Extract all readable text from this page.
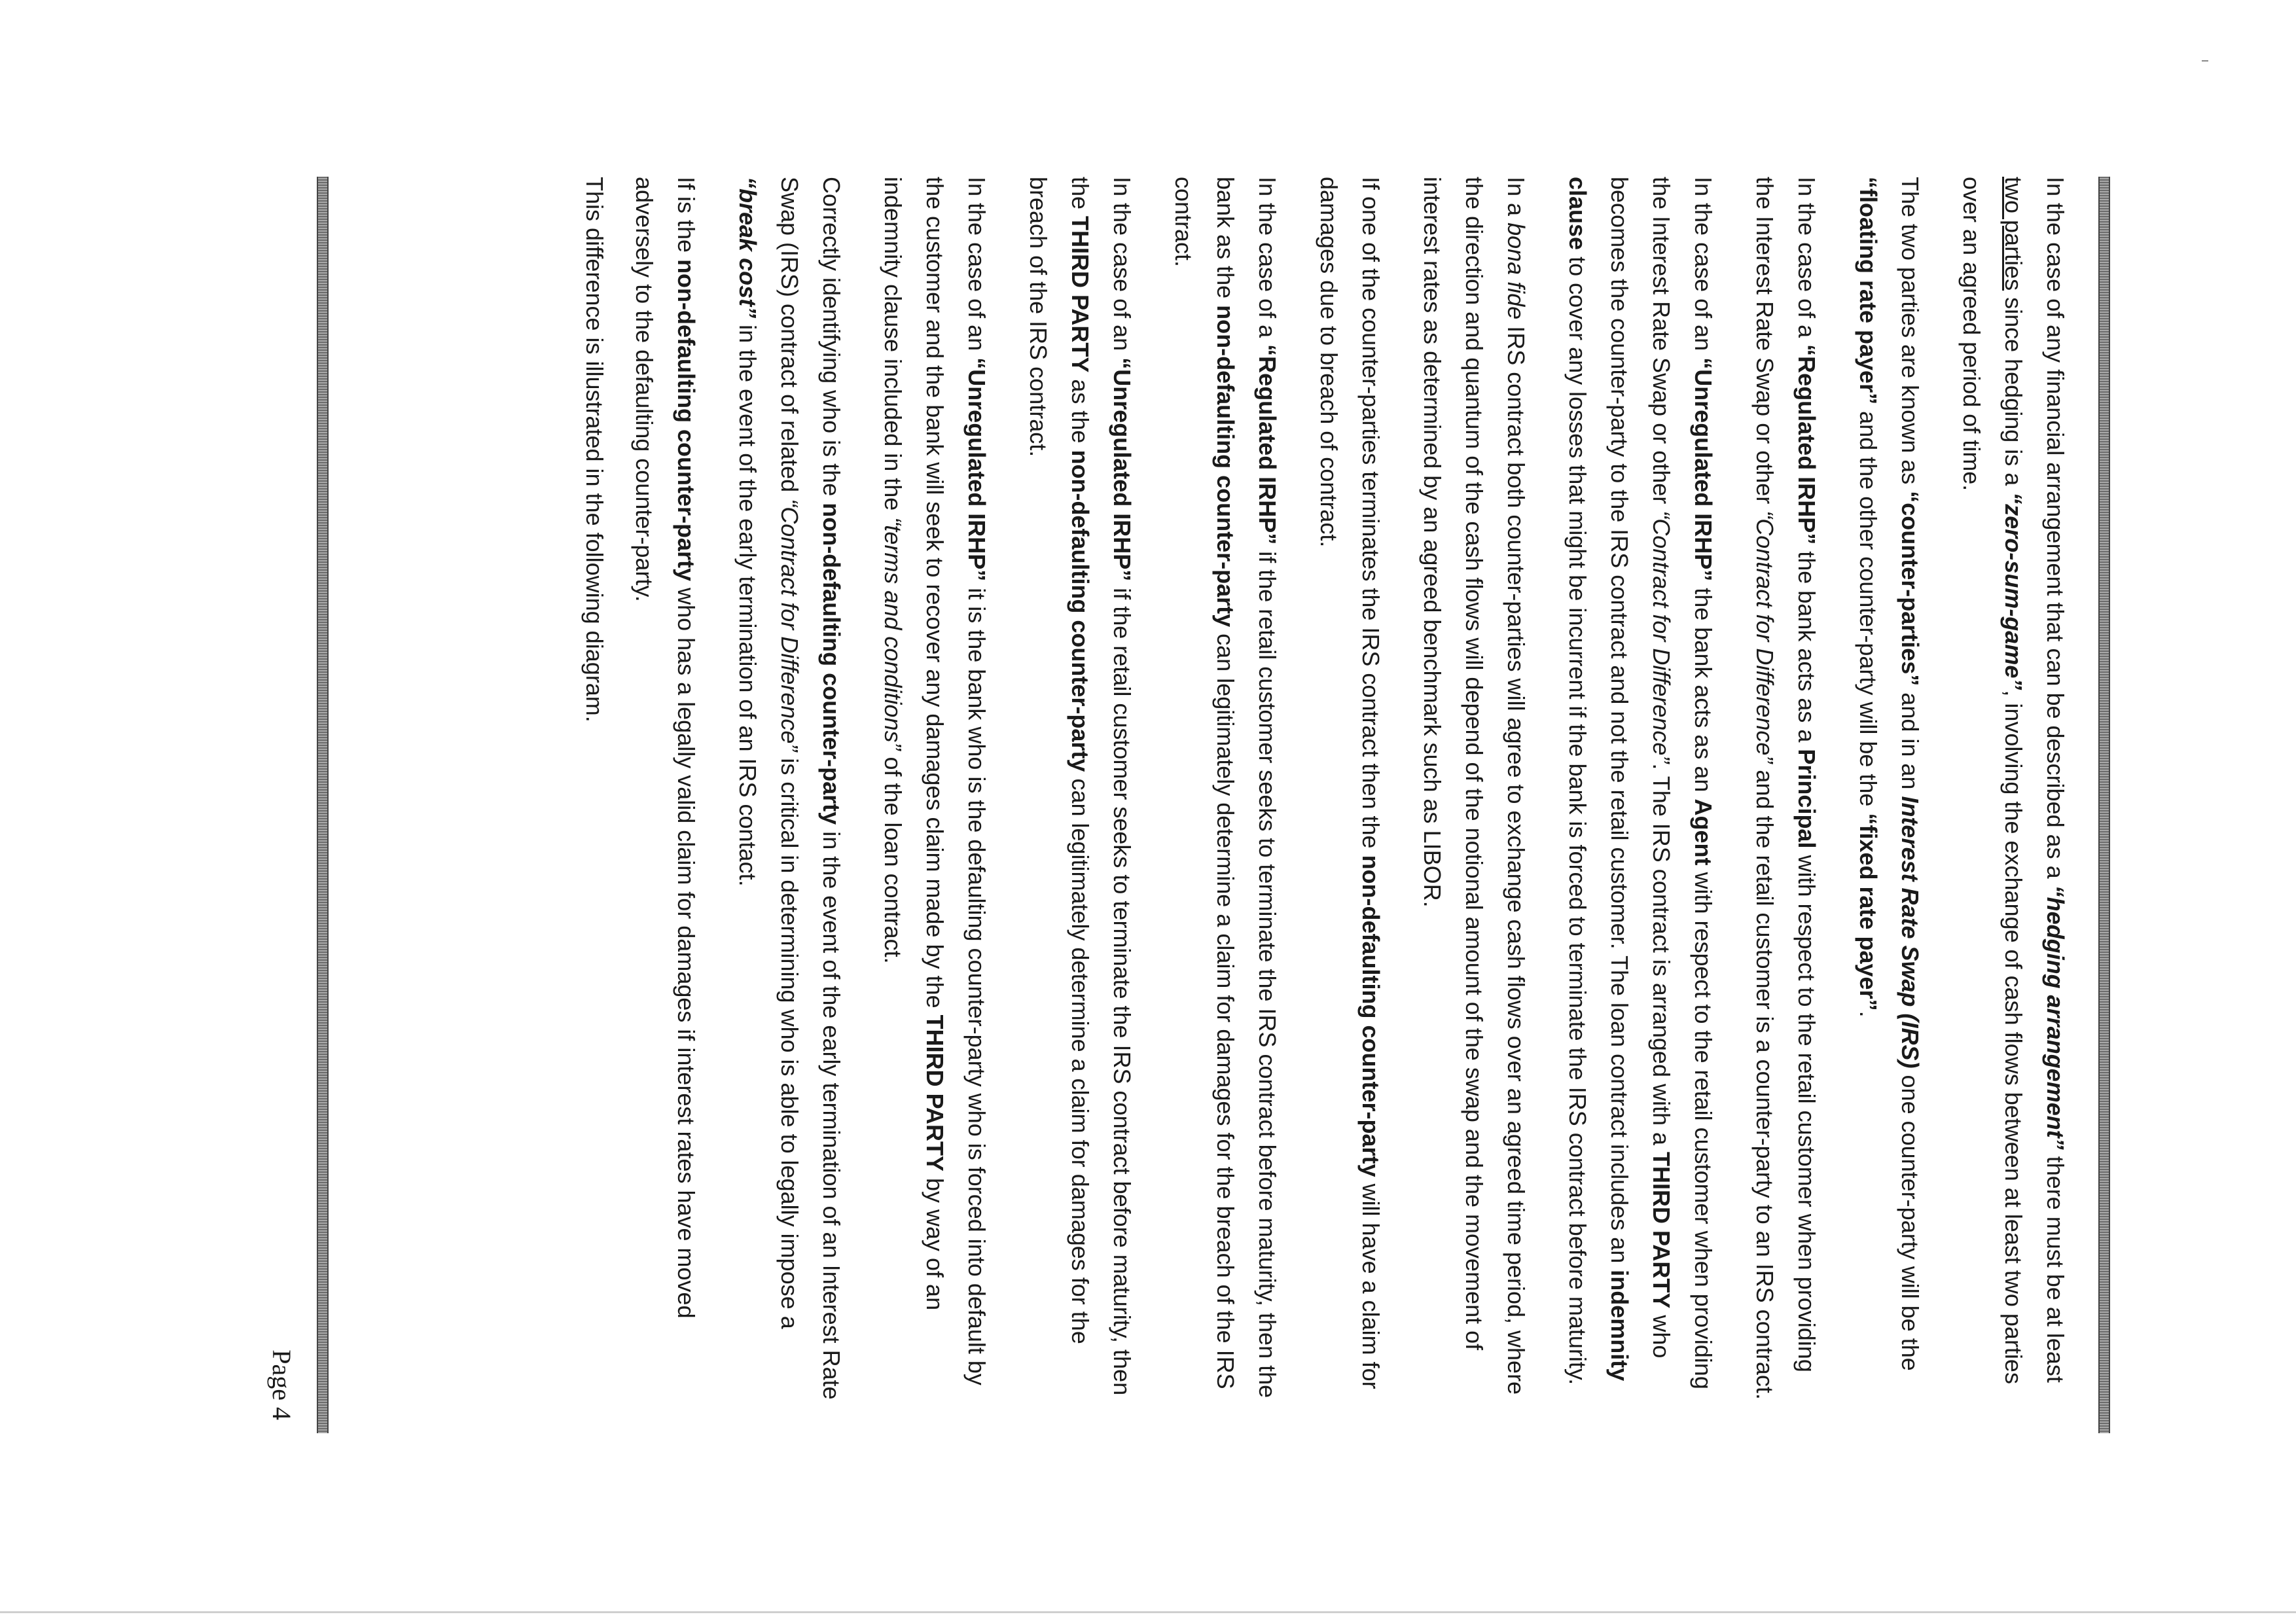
In the case of any financial arrangement that can be described as a “hedging arrangement” there must be at least two parties since hedging is a “zero-sum-game”, involving the exchange of cash flows between at least two parties over an agreed period of time.

The two parties are known as “counter-parties” and in an Interest Rate Swap (IRS) one counter-party will be the “floating rate payer” and the other counter-party will be the “fixed rate payer”.

In the case of a “Regulated IRHP” the bank acts as a Principal with respect to the retail customer when providing the Interest Rate Swap or other “Contract for Difference” and the retail customer is a counter-party to an IRS contract.

In the case of an “Unregulated IRHP” the bank acts as an Agent with respect to the retail customer when providing the Interest Rate Swap or other “Contract for Difference”. The IRS contract is arranged with a THIRD PARTY who becomes the counter-party to the IRS contract and not the retail customer. The loan contract includes an indemnity clause to cover any losses that might be incurrent if the bank is forced to terminate the IRS contract before maturity.

In a bona fide IRS contract both counter-parties will agree to exchange cash flows over an agreed time period, where the direction and quantum of the cash flows will depend of the notional amount of the swap and the movement of interest rates as determined by an agreed benchmark such as LIBOR.

If one of the counter-parties terminates the IRS contract then the non-defaulting counter-party will have a claim for damages due to breach of contract.

In the case of a “Regulated IRHP” if the retail customer seeks to terminate the IRS contract before maturity, then the bank as the non-defaulting counter-party can legitimately determine a claim for damages for the breach of the IRS contract.

In the case of an “Unregulated IRHP” if the retail customer seeks to terminate the IRS contract before maturity, then the THIRD PARTY as the non-defaulting counter-party can legitimately determine a claim for damages for the breach of the IRS contract.

In the case of an “Unregulated IRHP” it is the bank who is the defaulting counter-party who is forced into default by the customer and the bank will seek to recover any damages claim made by the THIRD PARTY by way of an indemnity clause included in the “terms and conditions” of the loan contract.

Correctly identifying who is the non-defaulting counter-party in the event of the early termination of an Interest Rate Swap (IRS) contract of related “Contract for Difference” is critical in determining who is able to legally impose a “break cost” in the event of the early termination of an IRS contact.

If is the non-defaulting counter-party who has a legally valid claim for damages if interest rates have moved adversely to the defaulting counter-party.

This difference is illustrated in the following diagram.

Page 4
